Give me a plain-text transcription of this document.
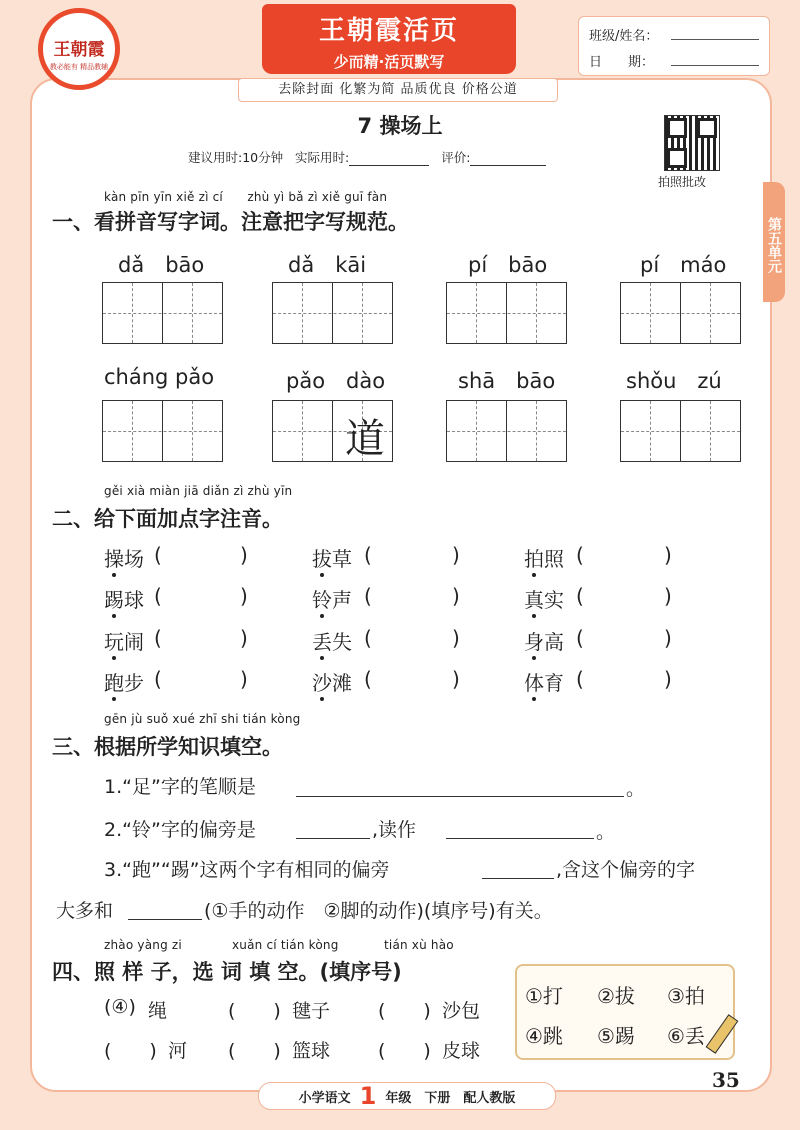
王朝霞
教必能有 精品教辅
王朝霞活页
少而精·活页默写
班级/姓名：
日　　期：
去除封面 化繁为简 品质优良 价格公道
7 操场上
建议用时:10分钟 实际用时:	评价:
拍照批改
第五单元
kàn pīn yīn xiě zì cí　　zhù yì bǎ zì xiě guī fàn
一、看拼音写字词。注意把字写规范。
dǎ　bāo	dǎ　kāi	pí　bāo	pí　máo
cháng pǎo	pǎo　dào	shā　bāo	shǒu　zú
道
gěi xià miàn jiā diǎn zì zhù yīn
二、给下面加点字注音。
操场 (	)	拔草 (	)	拍照 (	)
踢球 (	)	铃声 (	)	真实 (	)
玩闹 (	)	丢失 (	)	身高 (	)
跑步 (	)	沙滩 (	)	体育 (	)
gēn jù suǒ xué zhī shi tián kòng
三、根据所学知识填空。
1.“足”字的笔顺是	。
2.“铃”字的偏旁是	,读作	。
3.“跑”“踢”这两个字有相同的偏旁	,含这个偏旁的字
大多和	(①手的动作　②脚的动作)(填序号)有关。
zhào yàng zi	xuǎn cí tián kòng	tián xù hào
四、照 样 子，选 词 填 空。(填序号)
(④) 绳	(　　) 毽子	(　　) 沙包
(　　) 河 (　　) 篮球	(　　) 皮球
①打 ②拔 ③拍
④跳 ⑤踢 ⑥丢
小学语文 1 年级　下册　配人教版
35
